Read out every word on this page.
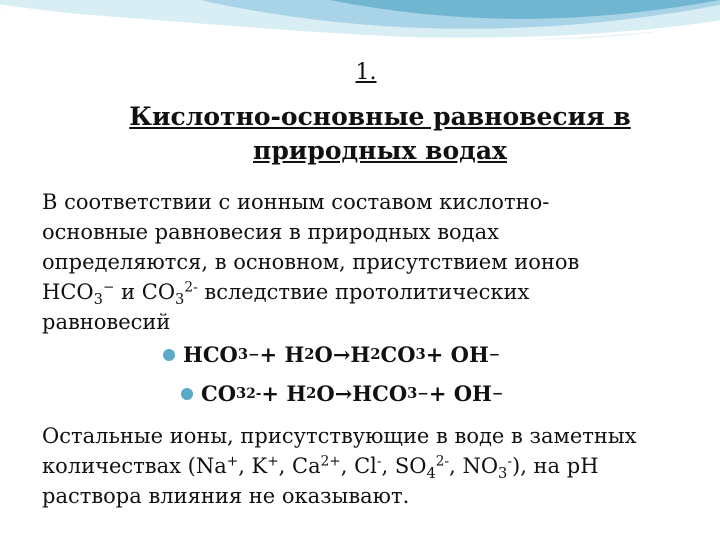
1.
Кислотно-основные равновесия в
природных водах
В соответствии с ионным составом кислотно-
основные равновесия в природных водах
определяются, в основном, присутствием ионов
$HCO_3^-$ и $CO_3^{2-}$ вследствие протолитических
равновесий
HCO 3 − + H 2 O → H 2 CO 3 + OH −
CO 3 2- + H 2 O → HCO 3 − + OH −
Остальные ионы, присутствующие в воде в заметных
количествах (Na+, K+, $Ca^{2+}$, Cl-, $SO_4^{2-}$, $NO_3^-$), на pH
раствора влияния не оказывают.
